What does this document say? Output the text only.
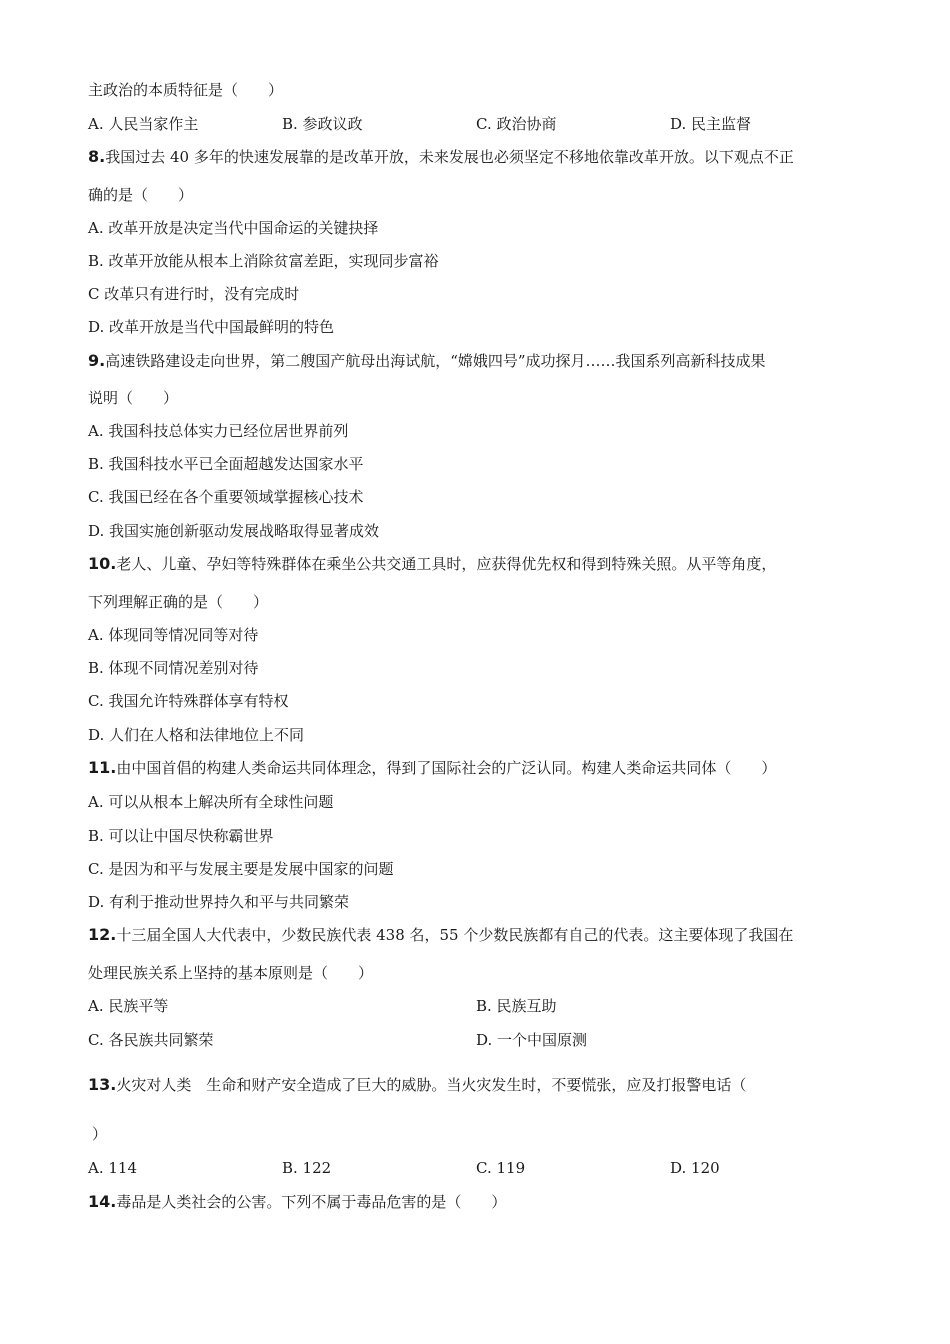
主政治的本质特征是（　　）
A. 人民当家作主	B. 参政议政	C. 政治协商	D. 民主监督
8.我国过去 40 多年的快速发展靠的是改革开放，未来发展也必须坚定不移地依靠改革开放。以下观点不正
确的是（　　）
A. 改革开放是决定当代中国命运的关键抉择
B. 改革开放能从根本上消除贫富差距，实现同步富裕
C 改革只有进行时，没有完成时
D. 改革开放是当代中国最鲜明的特色
9.高速铁路建设走向世界，第二艘国产航母出海试航，“嫦娥四号”成功探月……我国系列高新科技成果
说明（　　）
A. 我国科技总体实力已经位居世界前列
B. 我国科技水平已全面超越发达国家水平
C. 我国已经在各个重要领域掌握核心技术
D. 我国实施创新驱动发展战略取得显著成效
10.老人、儿童、孕妇等特殊群体在乘坐公共交通工具时，应获得优先权和得到特殊关照。从平等角度，
下列理解正确的是（　　）
A. 体现同等情况同等对待
B. 体现不同情况差别对待
C. 我国允许特殊群体享有特权
D. 人们在人格和法律地位上不同
11.由中国首倡的构建人类命运共同体理念，得到了国际社会的广泛认同。构建人类命运共同体（　　）
A. 可以从根本上解决所有全球性问题
B. 可以让中国尽快称霸世界
C. 是因为和平与发展主要是发展中国家的问题
D. 有利于推动世界持久和平与共同繁荣
12.十三届全国人大代表中，少数民族代表 438 名，55 个少数民族都有自己的代表。这主要体现了我国在
处理民族关系上坚持的基本原则是（　　）
A. 民族平等	B. 民族互助
C. 各民族共同繁荣	D. 一个中国原测
13.火灾对人类　生命和财产安全造成了巨大的威胁。当火灾发生时，不要慌张，应及打报警电话（
）
A. 114	B. 122	C. 119	D. 120
14.毒品是人类社会的公害。下列不属于毒品危害的是（　　）
